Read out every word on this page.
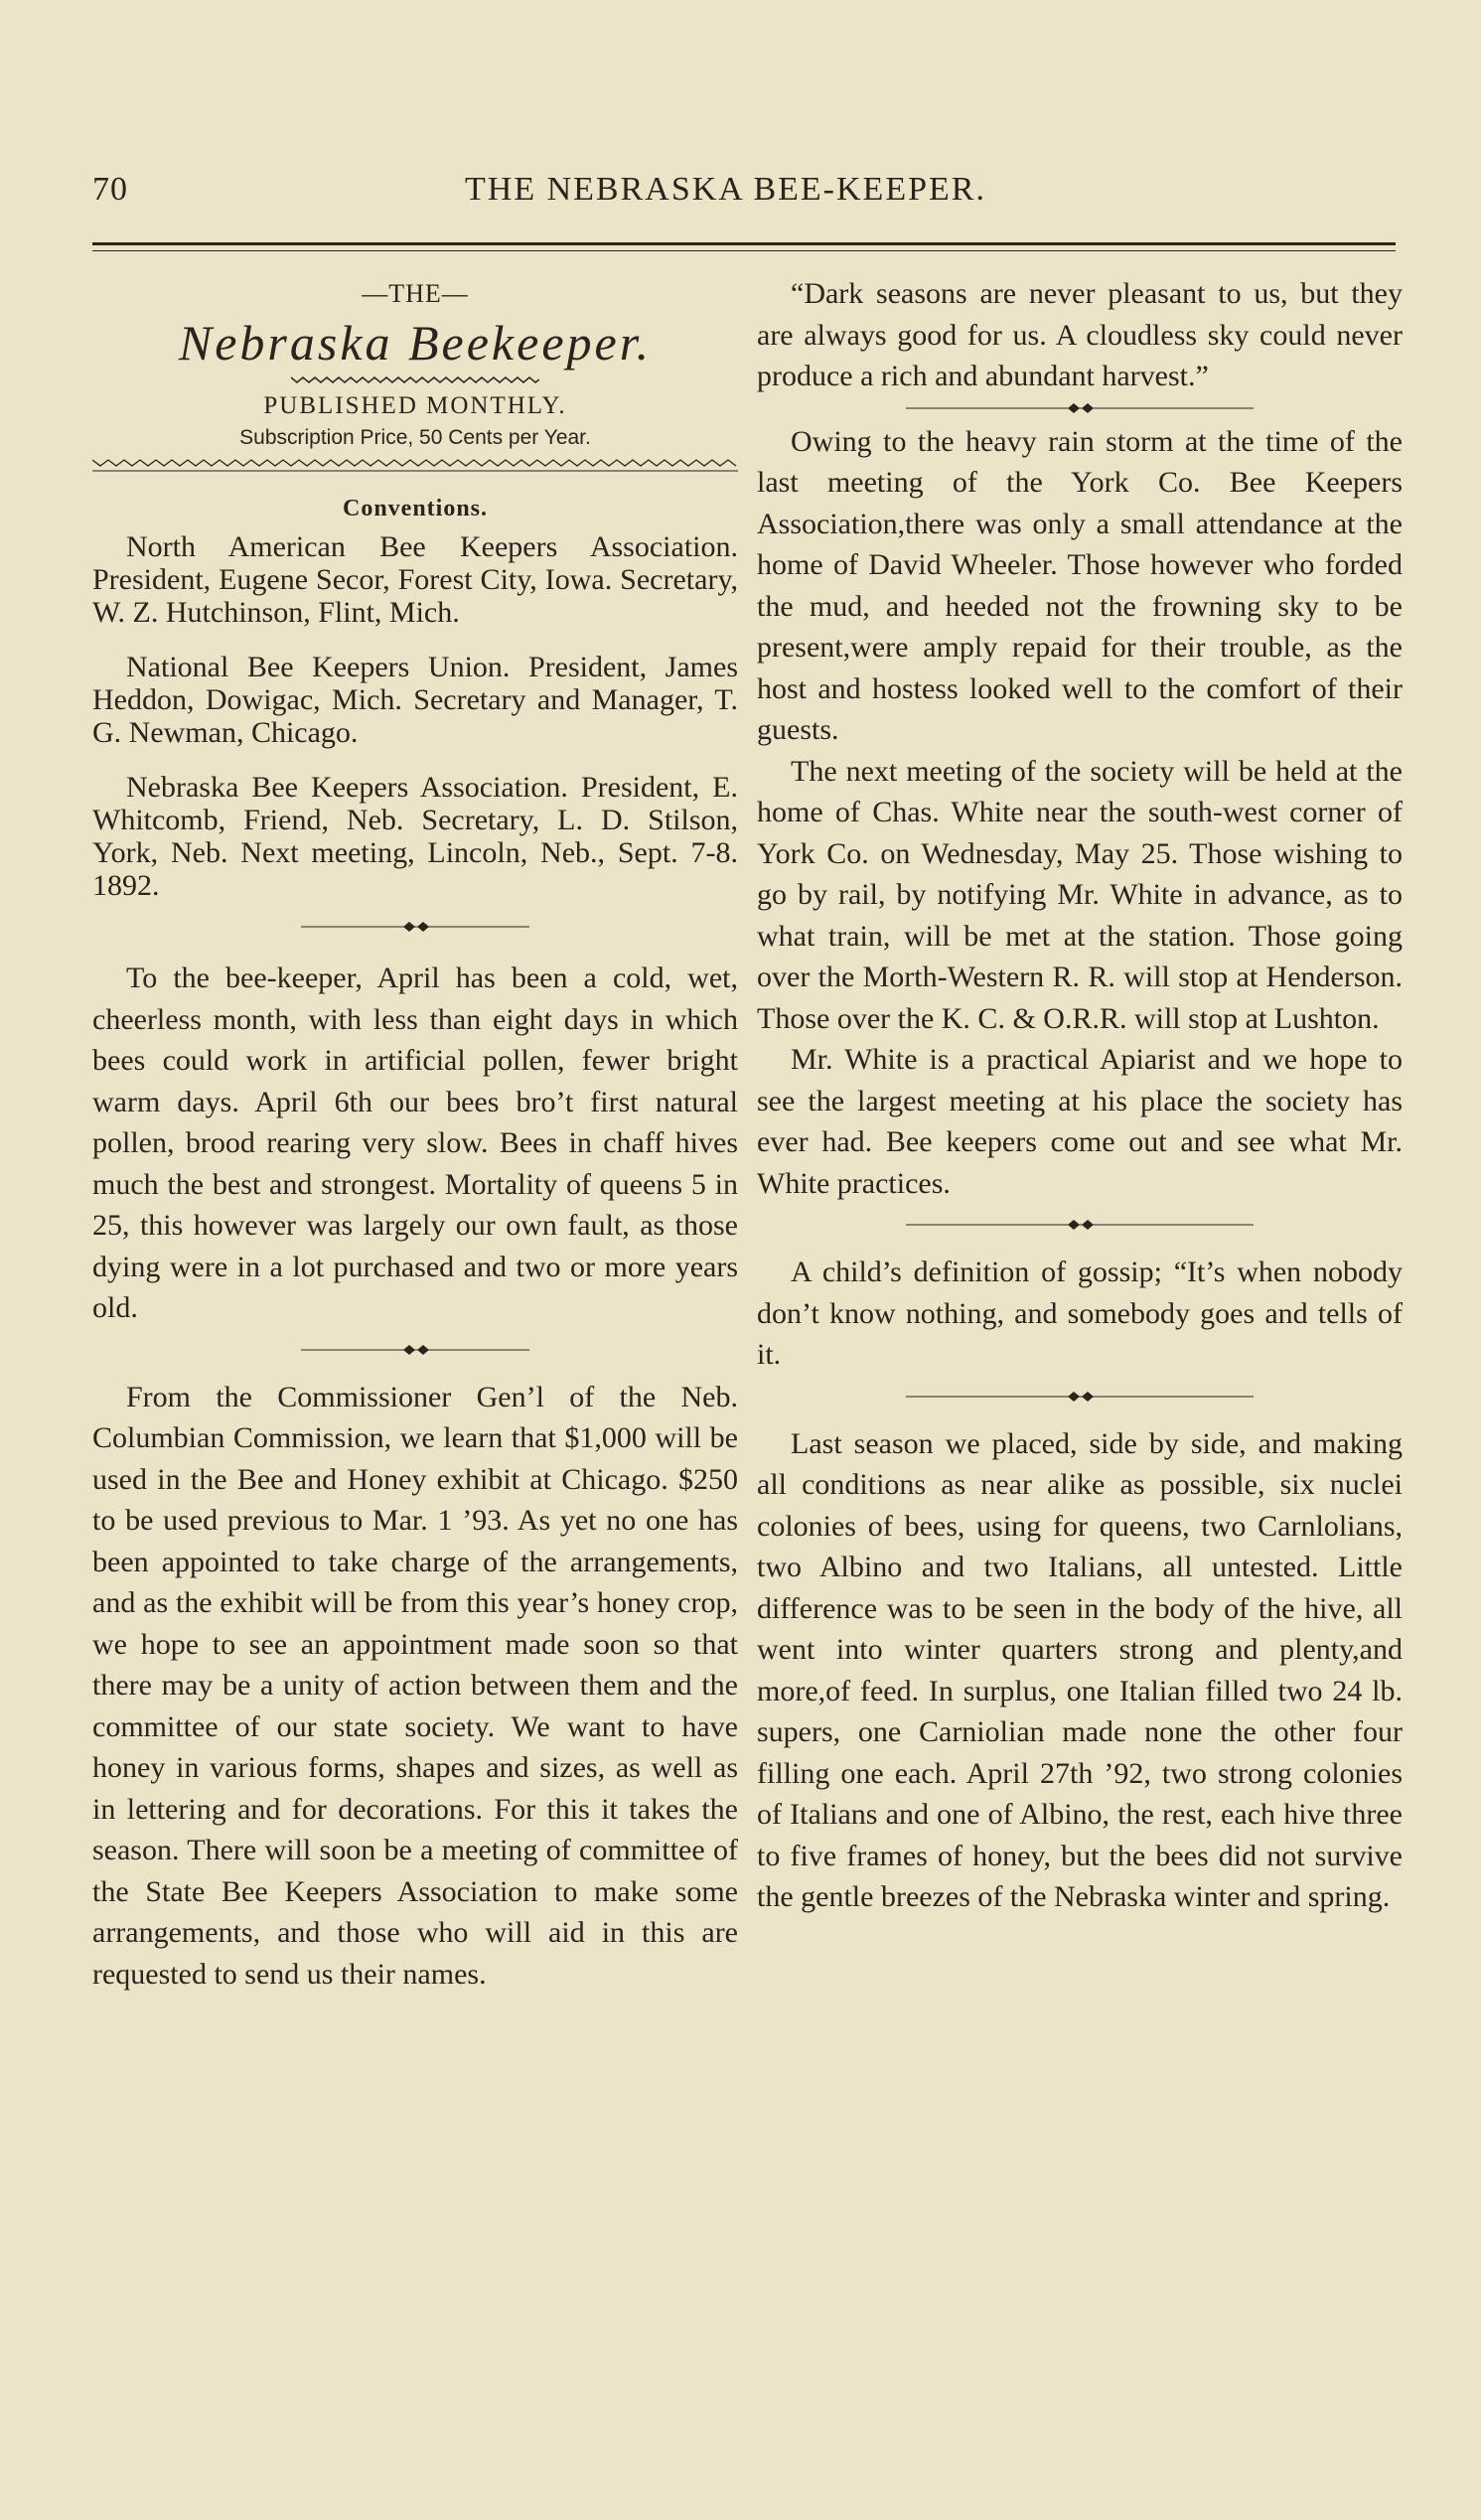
70	THE NEBRASKA BEE-KEEPER.
—THE—
Nebraska Beekeeper.
PUBLISHED MONTHLY.
Subscription Price, 50 Cents per Year.
Conventions.

North American Bee Keepers Association. President, Eugene Secor, Forest City, Iowa. Secretary, W. Z. Hutchinson, Flint, Mich.

National Bee Keepers Union. President, James Heddon, Dowigac, Mich. Secretary and Manager, T. G. Newman, Chicago.

Nebraska Bee Keepers Association. President, E. Whitcomb, Friend, Neb. Secretary, L. D. Stilson, York, Neb. Next meeting, Lincoln, Neb., Sept. 7-8. 1892.

To the bee-keeper, April has been a cold, wet, cheerless month, with less than eight days in which bees could work in artificial pollen, fewer bright warm days. April 6th our bees bro’t first natural pollen, brood rearing very slow. Bees in chaff hives much the best and strongest. Mortality of queens 5 in 25, this however was largely our own fault, as those dying were in a lot purchased and two or more years old.

From the Commissioner Gen’l of the Neb. Columbian Commission, we learn that $1,000 will be used in the Bee and Honey exhibit at Chicago. $250 to be used previous to Mar. 1 ’93. As yet no one has been appointed to take charge of the arrangements, and as the exhibit will be from this year’s honey crop, we hope to see an appointment made soon so that there may be a unity of action between them and the committee of our state society. We want to have honey in various forms, shapes and sizes, as well as in lettering and for decorations. For this it takes the season. There will soon be a meeting of committee of the State Bee Keepers Association to make some arrangements, and those who will aid in this are requested to send us their names.

“Dark seasons are never pleasant to us, but they are always good for us. A cloudless sky could never produce a rich and abundant harvest.”

Owing to the heavy rain storm at the time of the last meeting of the York Co. Bee Keepers Association,there was only a small attendance at the home of David Wheeler. Those however who forded the mud, and heeded not the frowning sky to be present,were amply repaid for their trouble, as the host and hostess looked well to the comfort of their guests.

The next meeting of the society will be held at the home of Chas. White near the south-west corner of York Co. on Wednesday, May 25. Those wishing to go by rail, by notifying Mr. White in advance, as to what train, will be met at the station. Those going over the Morth-Western R. R. will stop at Henderson. Those over the K. C. & O.R.R. will stop at Lushton.

Mr. White is a practical Apiarist and we hope to see the largest meeting at his place the society has ever had. Bee keepers come out and see what Mr. White practices.

A child’s definition of gossip; “It’s when nobody don’t know nothing, and somebody goes and tells of it.

Last season we placed, side by side, and making all conditions as near alike as possible, six nuclei colonies of bees, using for queens, two Carnlolians, two Albino and two Italians, all untested. Little difference was to be seen in the body of the hive, all went into winter quarters strong and plenty,and more,of feed. In surplus, one Italian filled two 24 lb. supers, one Carniolian made none the other four filling one each. April 27th ’92, two strong colonies of Italians and one of Albino, the rest, each hive three to five frames of honey, but the bees did not survive the gentle breezes of the Nebraska winter and spring.
